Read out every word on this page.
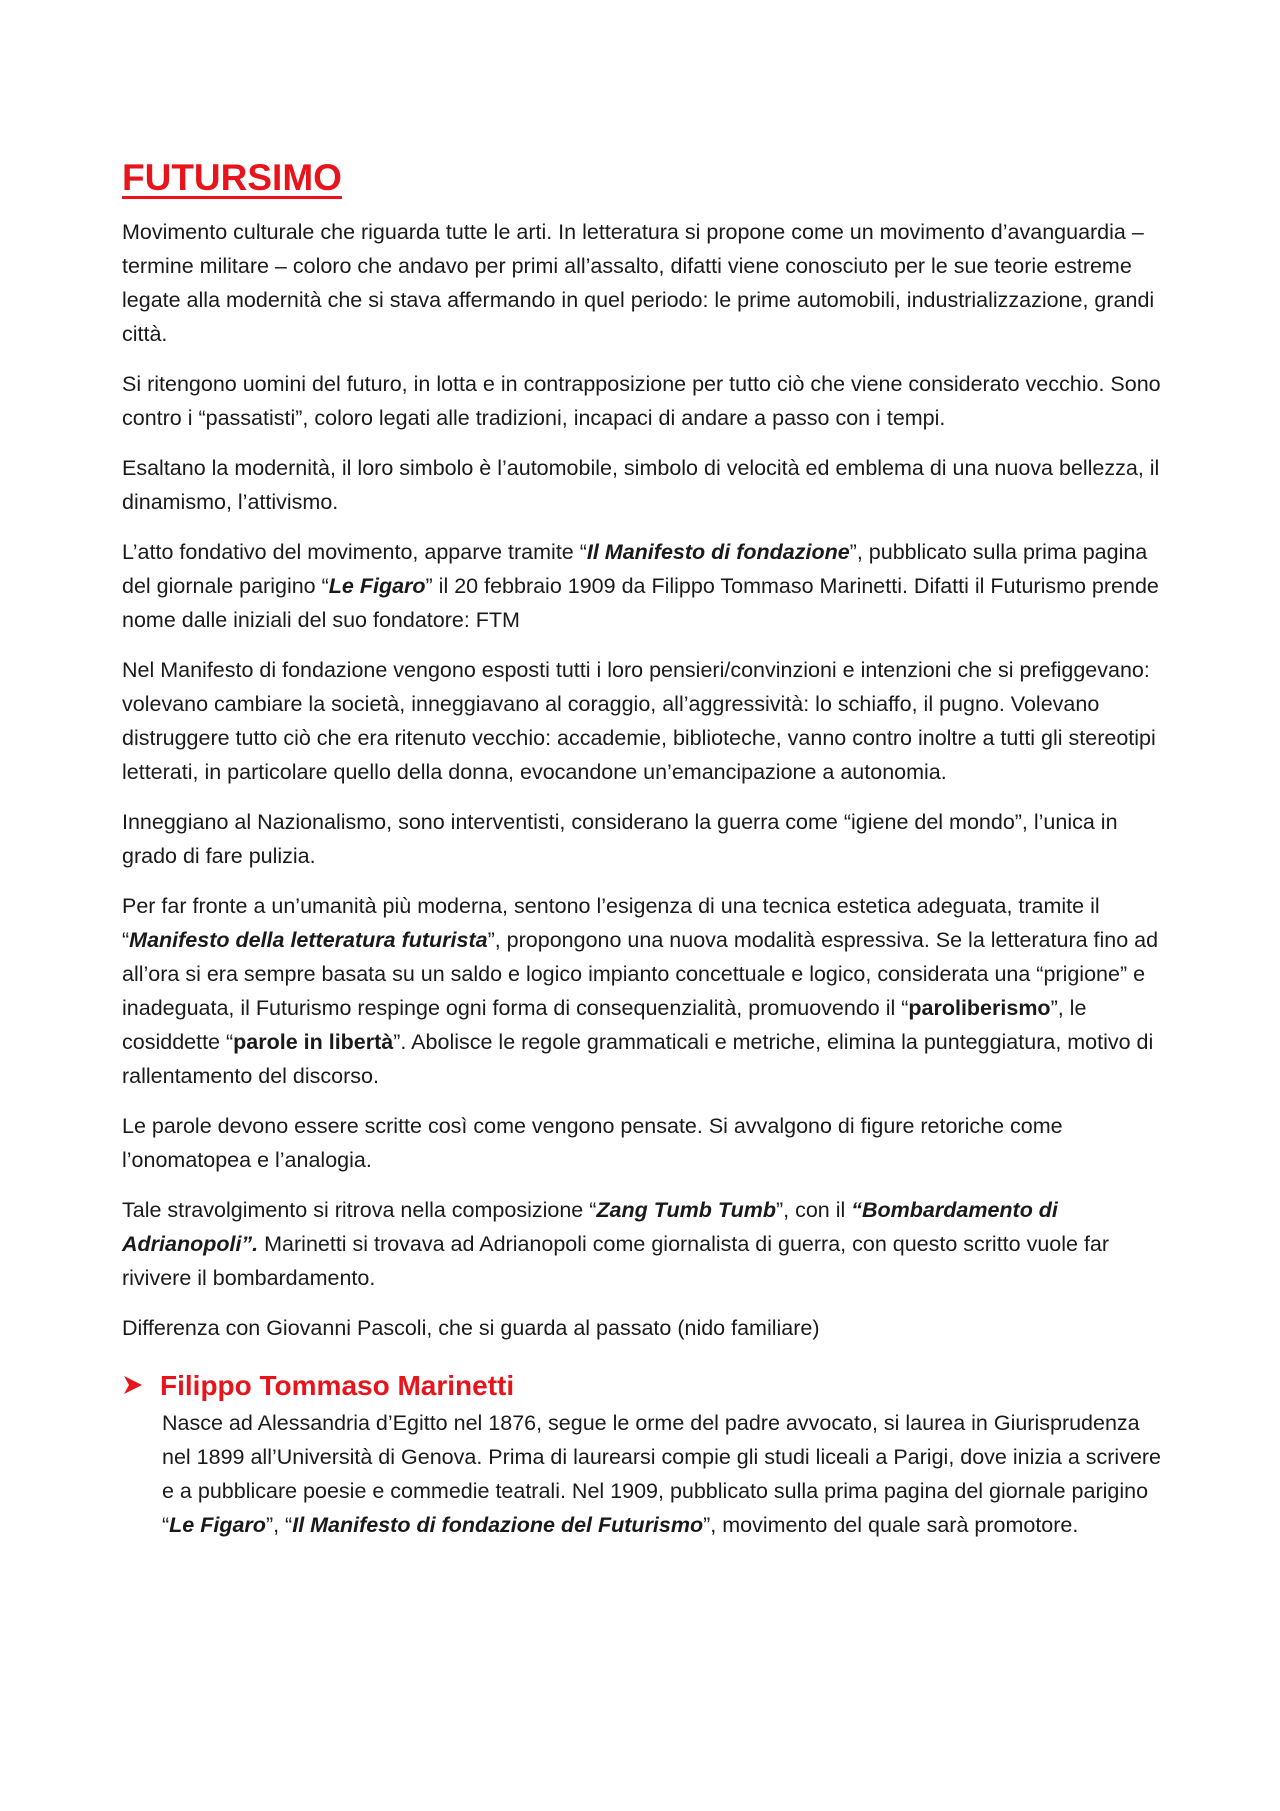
FUTURSIMO

Movimento culturale che riguarda tutte le arti. In letteratura si propone come un movimento d’avanguardia – termine militare – coloro che andavo per primi all’assalto, difatti viene conosciuto per le sue teorie estreme legate alla modernità che si stava affermando in quel periodo: le prime automobili, industrializzazione, grandi città.

Si ritengono uomini del futuro, in lotta e in contrapposizione per tutto ciò che viene considerato vecchio. Sono contro i “passatisti”, coloro legati alle tradizioni, incapaci di andare a passo con i tempi.

Esaltano la modernità, il loro simbolo è l’automobile, simbolo di velocità ed emblema di una nuova bellezza, il dinamismo, l’attivismo.

L’atto fondativo del movimento, apparve tramite “Il Manifesto di fondazione”, pubblicato sulla prima pagina del giornale parigino “Le Figaro” il 20 febbraio 1909 da Filippo Tommaso Marinetti. Difatti il Futurismo prende nome dalle iniziali del suo fondatore: FTM

Nel Manifesto di fondazione vengono esposti tutti i loro pensieri/convinzioni e intenzioni che si prefiggevano: volevano cambiare la società, inneggiavano al coraggio, all’aggressività: lo schiaffo, il pugno. Volevano distruggere tutto ciò che era ritenuto vecchio: accademie, biblioteche, vanno contro inoltre a tutti gli stereotipi letterati, in particolare quello della donna, evocandone un’emancipazione a autonomia.

Inneggiano al Nazionalismo, sono interventisti, considerano la guerra come “igiene del mondo”, l’unica in grado di fare pulizia.

Per far fronte a un’umanità più moderna, sentono l’esigenza di una tecnica estetica adeguata, tramite il “Manifesto della letteratura futurista”, propongono una nuova modalità espressiva. Se la letteratura fino ad all’ora si era sempre basata su un saldo e logico impianto concettuale e logico, considerata una “prigione” e inadeguata, il Futurismo respinge ogni forma di consequenzialità, promuovendo il “paroliberismo”, le cosiddette “parole in libertà”. Abolisce le regole grammaticali e metriche, elimina la punteggiatura, motivo di rallentamento del discorso.

Le parole devono essere scritte così come vengono pensate. Si avvalgono di figure retoriche come l’onomatopea e l’analogia.

Tale stravolgimento si ritrova nella composizione “Zang Tumb Tumb”, con il “Bombardamento di Adrianopoli”. Marinetti si trovava ad Adrianopoli come giornalista di guerra, con questo scritto vuole far rivivere il bombardamento.

Differenza con Giovanni Pascoli, che si guarda al passato (nido familiare)

Filippo Tommaso Marinetti

Nasce ad Alessandria d’Egitto nel 1876, segue le orme del padre avvocato, si laurea in Giurisprudenza nel 1899 all’Università di Genova. Prima di laurearsi compie gli studi liceali a Parigi, dove inizia a scrivere e a pubblicare poesie e commedie teatrali. Nel 1909, pubblicato sulla prima pagina del giornale parigino “Le Figaro”, “Il Manifesto di fondazione del Futurismo”, movimento del quale sarà promotore.
